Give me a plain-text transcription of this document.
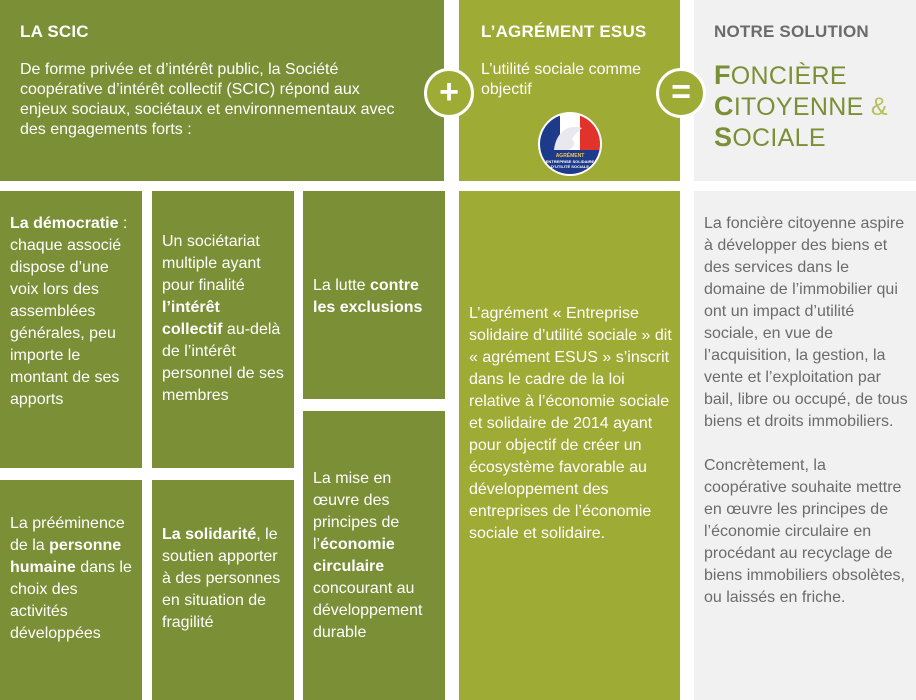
LA SCIC
De forme privée et d’intérêt public, la Société coopérative d’intérêt collectif (SCIC) répond aux enjeux sociaux, sociétaux et environnementaux avec des engagements forts :
L’AGRÉMENT ESUS
L’utilité sociale comme objectif
AGRÉMENT
ENTREPRISE SOLIDAIRE
D’UTILITÉ SOCIALE
NOTRE SOLUTION
FONCIÈRE
CITOYENNE &
SOCIALE
+	=
La démocratie : chaque associé dispose d’une voix lors des assemblées générales, peu importe le montant de ses apports
Un sociétariat multiple ayant pour finalité l’intérêt collectif au-delà de l’intérêt personnel de ses membres
La lutte contre les exclusions
La prééminence de la personne humaine dans le choix des activités développées
La solidarité, le soutien apporter à des personnes en situation de fragilité
La mise en œuvre des principes de l’économie circulaire concourant au développement durable
L’agrément « Entreprise solidaire d’utilité sociale » dit « agrément ESUS » s’inscrit dans le cadre de la loi relative à l’économie sociale et solidaire de 2014 ayant pour objectif de créer un écosystème favorable au développement des entreprises de l’économie sociale et solidaire.
La foncière citoyenne aspire à développer des biens et des services dans le domaine de l’immobilier qui ont un impact d’utilité sociale, en vue de l’acquisition, la gestion, la vente et l’exploitation par bail, libre ou occupé, de tous biens et droits immobiliers.
Concrètement, la coopérative souhaite mettre en œuvre les principes de l’économie circulaire en procédant au recyclage de biens immobiliers obsolètes, ou laissés en friche.
